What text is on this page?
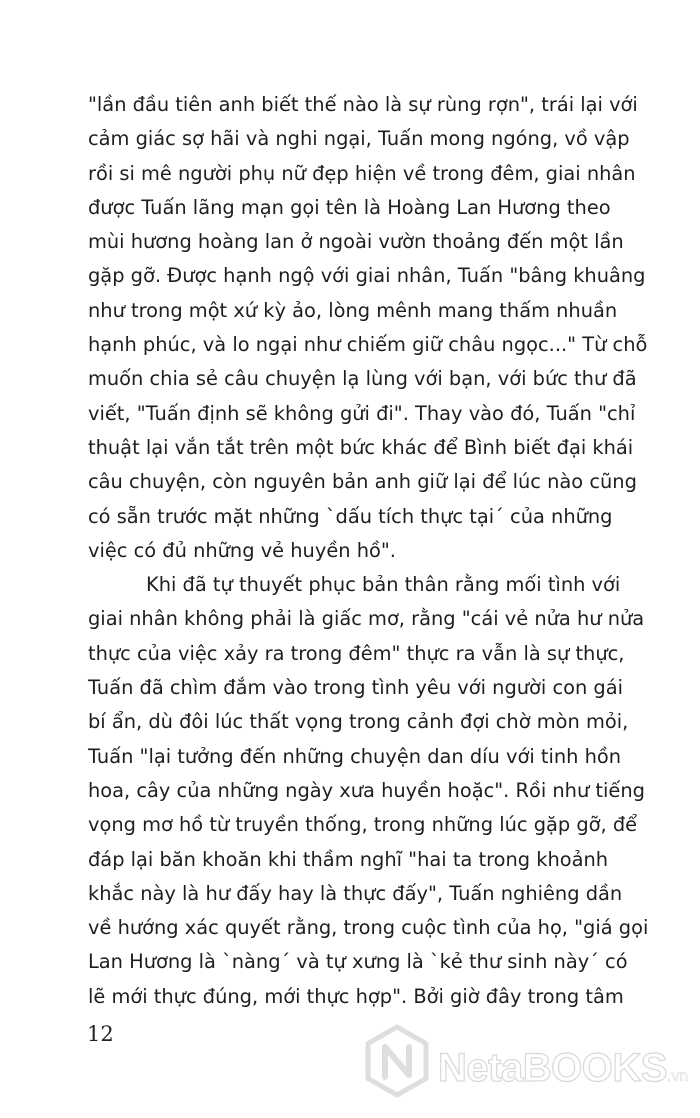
"lần đầu tiên anh biết thế nào là sự rùng rợn", trái lại với
cảm giác sợ hãi và nghi ngại, Tuấn mong ngóng, vồ vập
rồi si mê người phụ nữ đẹp hiện về trong đêm, giai nhân
được Tuấn lãng mạn gọi tên là Hoàng Lan Hương theo
mùi hương hoàng lan ở ngoài vườn thoảng đến một lần
gặp gỡ. Được hạnh ngộ với giai nhân, Tuấn "bâng khuâng
như trong một xứ kỳ ảo, lòng mênh mang thấm nhuần
hạnh phúc, và lo ngại như chiếm giữ châu ngọc..." Từ chỗ
muốn chia sẻ câu chuyện lạ lùng với bạn, với bức thư đã
viết, "Tuấn định sẽ không gửi đi". Thay vào đó, Tuấn "chỉ
thuật lại vắn tắt trên một bức khác để Bình biết đại khái
câu chuyện, còn nguyên bản anh giữ lại để lúc nào cũng
có sẵn trước mặt những `dấu tích thực tại´ của những
việc có đủ những vẻ huyền hồ".
Khi đã tự thuyết phục bản thân rằng mối tình với
giai nhân không phải là giấc mơ, rằng "cái vẻ nửa hư nửa
thực của việc xảy ra trong đêm" thực ra vẫn là sự thực,
Tuấn đã chìm đắm vào trong tình yêu với người con gái
bí ẩn, dù đôi lúc thất vọng trong cảnh đợi chờ mòn mỏi,
Tuấn "lại tưởng đến những chuyện dan díu với tinh hồn
hoa, cây của những ngày xưa huyền hoặc". Rồi như tiếng
vọng mơ hồ từ truyền thống, trong những lúc gặp gỡ, để
đáp lại băn khoăn khi thầm nghĩ "hai ta trong khoảnh
khắc này là hư đấy hay là thực đấy", Tuấn nghiêng dần
về hướng xác quyết rằng, trong cuộc tình của họ, "giá gọi
Lan Hương là `nàng´ và tự xưng là `kẻ thư sinh này´ có
lẽ mới thực đúng, mới thực hợp". Bởi giờ đây trong tâm
12
NetaBOOKS.vn
